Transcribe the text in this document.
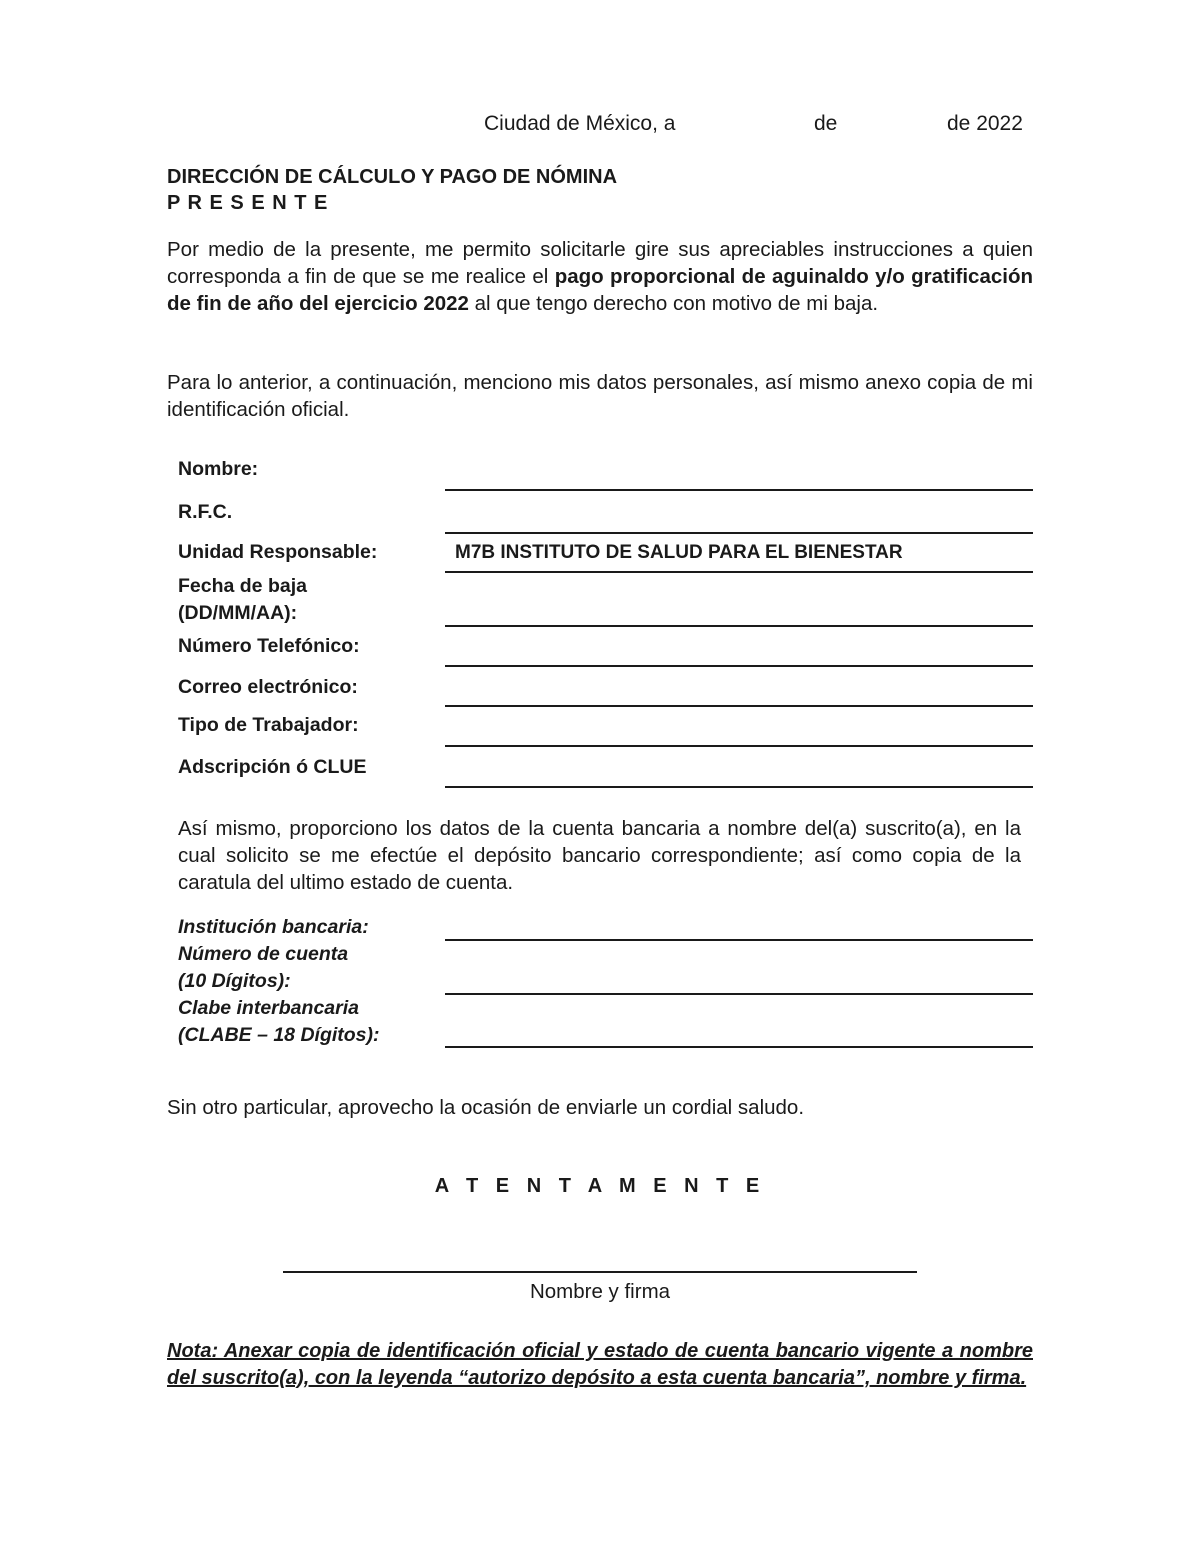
Ciudad de México, a	de	de 2022
DIRECCIÓN DE CÁLCULO Y PAGO DE NÓMINA
P R E S E N T E
Por medio de la presente, me permito solicitarle gire sus apreciables instrucciones a quien corresponda a fin de que se me realice el pago proporcional de aguinaldo y/o gratificación de fin de año del ejercicio 2022 al que tengo derecho con motivo de mi baja.
Para lo anterior, a continuación, menciono mis datos personales, así mismo anexo copia de mi identificación oficial.
Nombre:
R.F.C.
Unidad Responsable:	M7B INSTITUTO DE SALUD PARA EL BIENESTAR
Fecha de baja
(DD/MM/AA):
Número Telefónico:
Correo electrónico:
Tipo de Trabajador:
Adscripción ó CLUE
Así mismo, proporciono los datos de la cuenta bancaria a nombre del(a) suscrito(a), en la cual solicito se me efectúe el depósito bancario correspondiente; así como copia de la caratula del ultimo estado de cuenta.
Institución bancaria:
Número de cuenta
(10 Dígitos):
Clabe interbancaria
(CLABE – 18 Dígitos):
Sin otro particular, aprovecho la ocasión de enviarle un cordial saludo.
A T E N T A M E N T E
Nombre y firma
Nota: Anexar copia de identificación oficial y estado de cuenta bancario vigente a nombre del suscrito(a), con la leyenda “autorizo depósito a esta cuenta bancaria”, nombre y firma.
